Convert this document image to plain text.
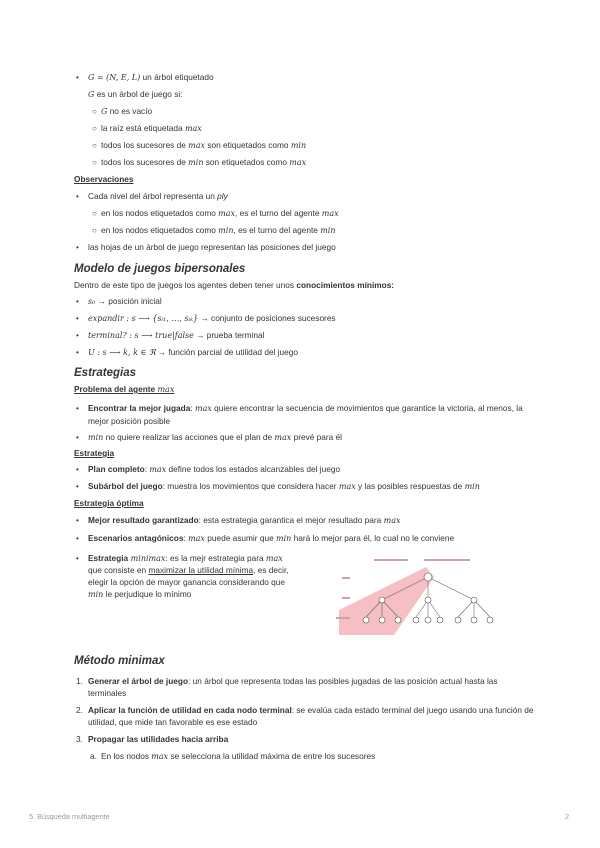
• G = (N, E, L) un árbol etiquetado
G es un árbol de juego si:
○ G no es vacío
○ la raíz está etiquetada max
○ todos los sucesores de max son etiquetados como min
○ todos los sucesores de min son etiquetados como max
Observaciones
• Cada nivel del árbol representa un ply
○ en los nodos etiquetados como max, es el turno del agente max
○ en los nodos etiquetados como min, es el turno del agente min
• las hojas de un árbol de juego representan las posiciones del juego
Modelo de juegos bipersonales
Dentro de este tipo de juegos los agentes deben tener unos conocimientos mínimos:
• s₀ → posición inicial
• expandir : s ⟶ {sᵢ₁, …, sᵢₖ} → conjunto de posiciones sucesores
• terminal? : s ⟶ true|false → prueba terminal
• U : s ⟶ k, k ∈ ℜ → función parcial de utilidad del juego
Estrategias
Problema del agente max
• Encontrar la mejor jugada: max quiere encontrar la secuencia de movimientos que garantice la victoria, al menos, la
mejor posición posible
• min no quiere realizar las acciones que el plan de max prevé para él
Estrategia
• Plan completo: max define todos los estados alcanzables del juego
• Subárbol del juego: muestra los movimientos que considera hacer max y las posibles respuestas de min
Estrategia óptima
• Mejor resultado garantizado: esta estrategia garantica el mejor resultado para max
• Escenarios antagónicos: max puede asumir que min hará lo mejor para él, lo cual no le conviene
• Estrategia minimax: es la mejr estrategia para max
que consiste en maximizar la utilidad mínima, es decir,
elegir la opción de mayor ganancia considerando que
min le perjudique lo mínimo
Método minimax
1. Generar el árbol de juego: un árbol que representa todas las posibles jugadas de las posición actual hasta las
terminales
2. Aplicar la función de utilidad en cada nodo terminal: se evalúa cada estado terminal del juego usando una función de
utilidad, que mide tan favorable es ese estado
3. Propagar las utilidades hacia arriba
a. En los nodos max se selecciona la utilidad máxima de entre los sucesores
5. Búsqueda multiagente	2
